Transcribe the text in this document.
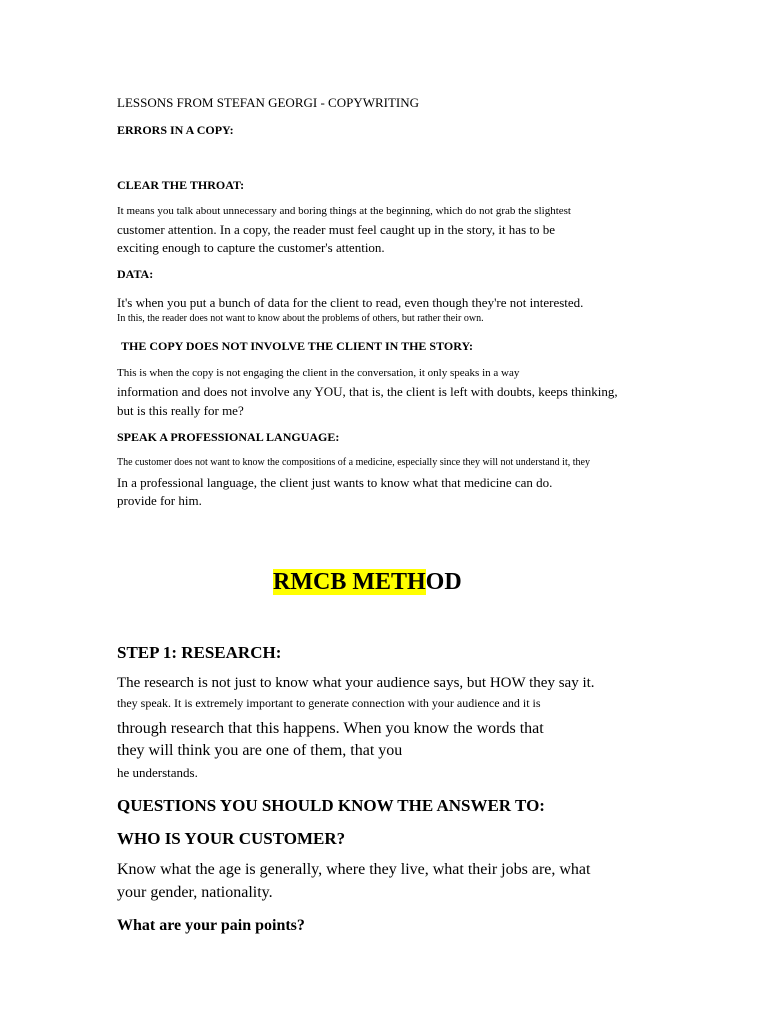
LESSONS FROM STEFAN GEORGI - COPYWRITING
ERRORS IN A COPY:
CLEAR THE THROAT:
It means you talk about unnecessary and boring things at the beginning, which do not grab the slightest
customer attention. In a copy, the reader must feel caught up in the story, it has to be
exciting enough to capture the customer's attention.
DATA:
It's when you put a bunch of data for the client to read, even though they're not interested.
In this, the reader does not want to know about the problems of others, but rather their own.
THE COPY DOES NOT INVOLVE THE CLIENT IN THE STORY:
This is when the copy is not engaging the client in the conversation, it only speaks in a way
information and does not involve any YOU, that is, the client is left with doubts, keeps thinking,
but is this really for me?
SPEAK A PROFESSIONAL LANGUAGE:
The customer does not want to know the compositions of a medicine, especially since they will not understand it, they
In a professional language, the client just wants to know what that medicine can do.
provide for him.
RMCB METHOD
STEP 1: RESEARCH:
The research is not just to know what your audience says, but HOW they say it.
they speak. It is extremely important to generate connection with your audience and it is
through research that this happens. When you know the words that
they will think you are one of them, that you
he understands.
QUESTIONS YOU SHOULD KNOW THE ANSWER TO:
WHO IS YOUR CUSTOMER?
Know what the age is generally, where they live, what their jobs are, what
your gender, nationality.
What are your pain points?
